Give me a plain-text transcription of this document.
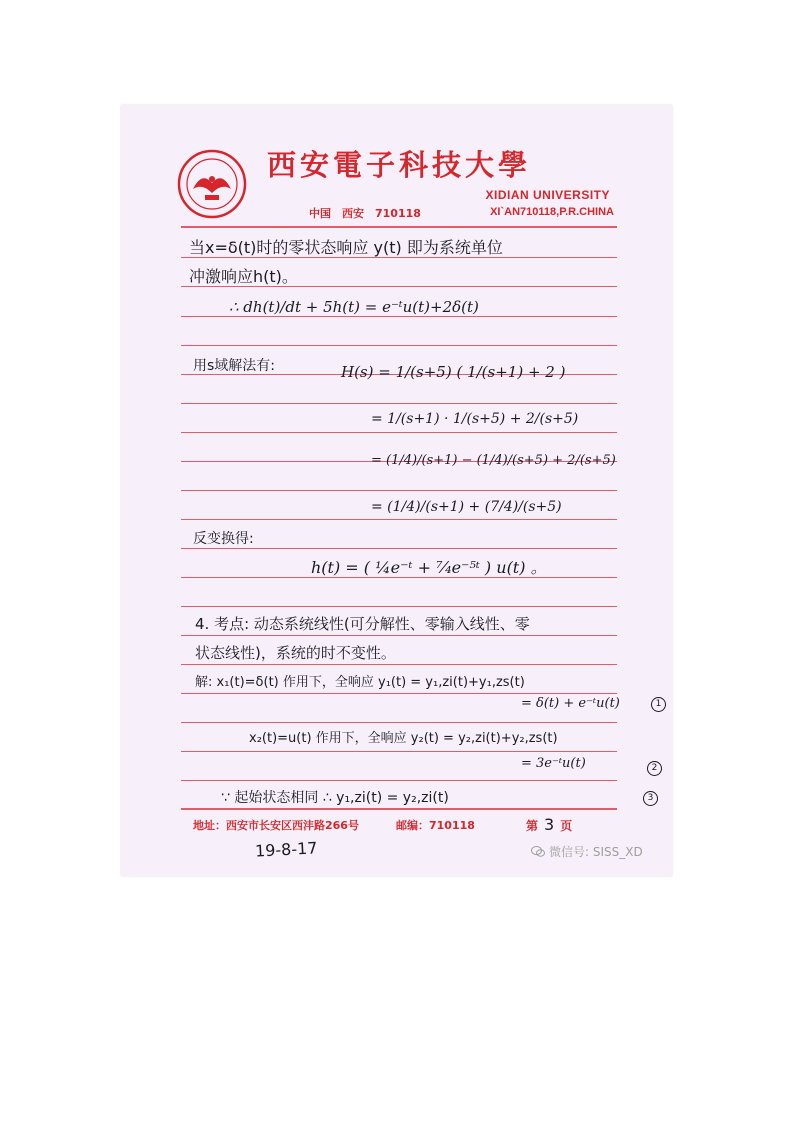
西安電子科技大學
XIDIAN UNIVERSITY
中国　西安　710118	XI`AN710118,P.R.CHINA
当x=δ(t)时的零状态响应 y(t) 即为系统单位
冲激响应h(t)。
∴ dh(t)/dt + 5h(t) = e⁻ᵗu(t)+2δ(t)
用s域解法有:	H(s) = 1/(s+5) ( 1/(s+1) + 2 )
= 1/(s+1) · 1/(s+5) + 2/(s+5)
= (1/4)/(s+1) − (1/4)/(s+5) + 2/(s+5)
= (1/4)/(s+1) + (7/4)/(s+5)
反变换得:
h(t) = ( ¼e⁻ᵗ + ⁷⁄₄e⁻⁵ᵗ ) u(t) 。
4. 考点: 动态系统线性(可分解性、零输入线性、零
状态线性)，系统的时不变性。
解: x₁(t)=δ(t) 作用下，全响应 y₁(t) = y₁,zi(t)+y₁,zs(t)
= δ(t) + e⁻ᵗu(t)
x₂(t)=u(t) 作用下，全响应 y₂(t) = y₂,zi(t)+y₂,zs(t)
= 3e⁻ᵗu(t)
∵ 起始状态相同 ∴ y₁,zi(t) = y₂,zi(t)
1
2
3
地址：西安市长安区西沣路266号	邮编：710118	第 3 页
19-8-17	微信号: SISS_XD
